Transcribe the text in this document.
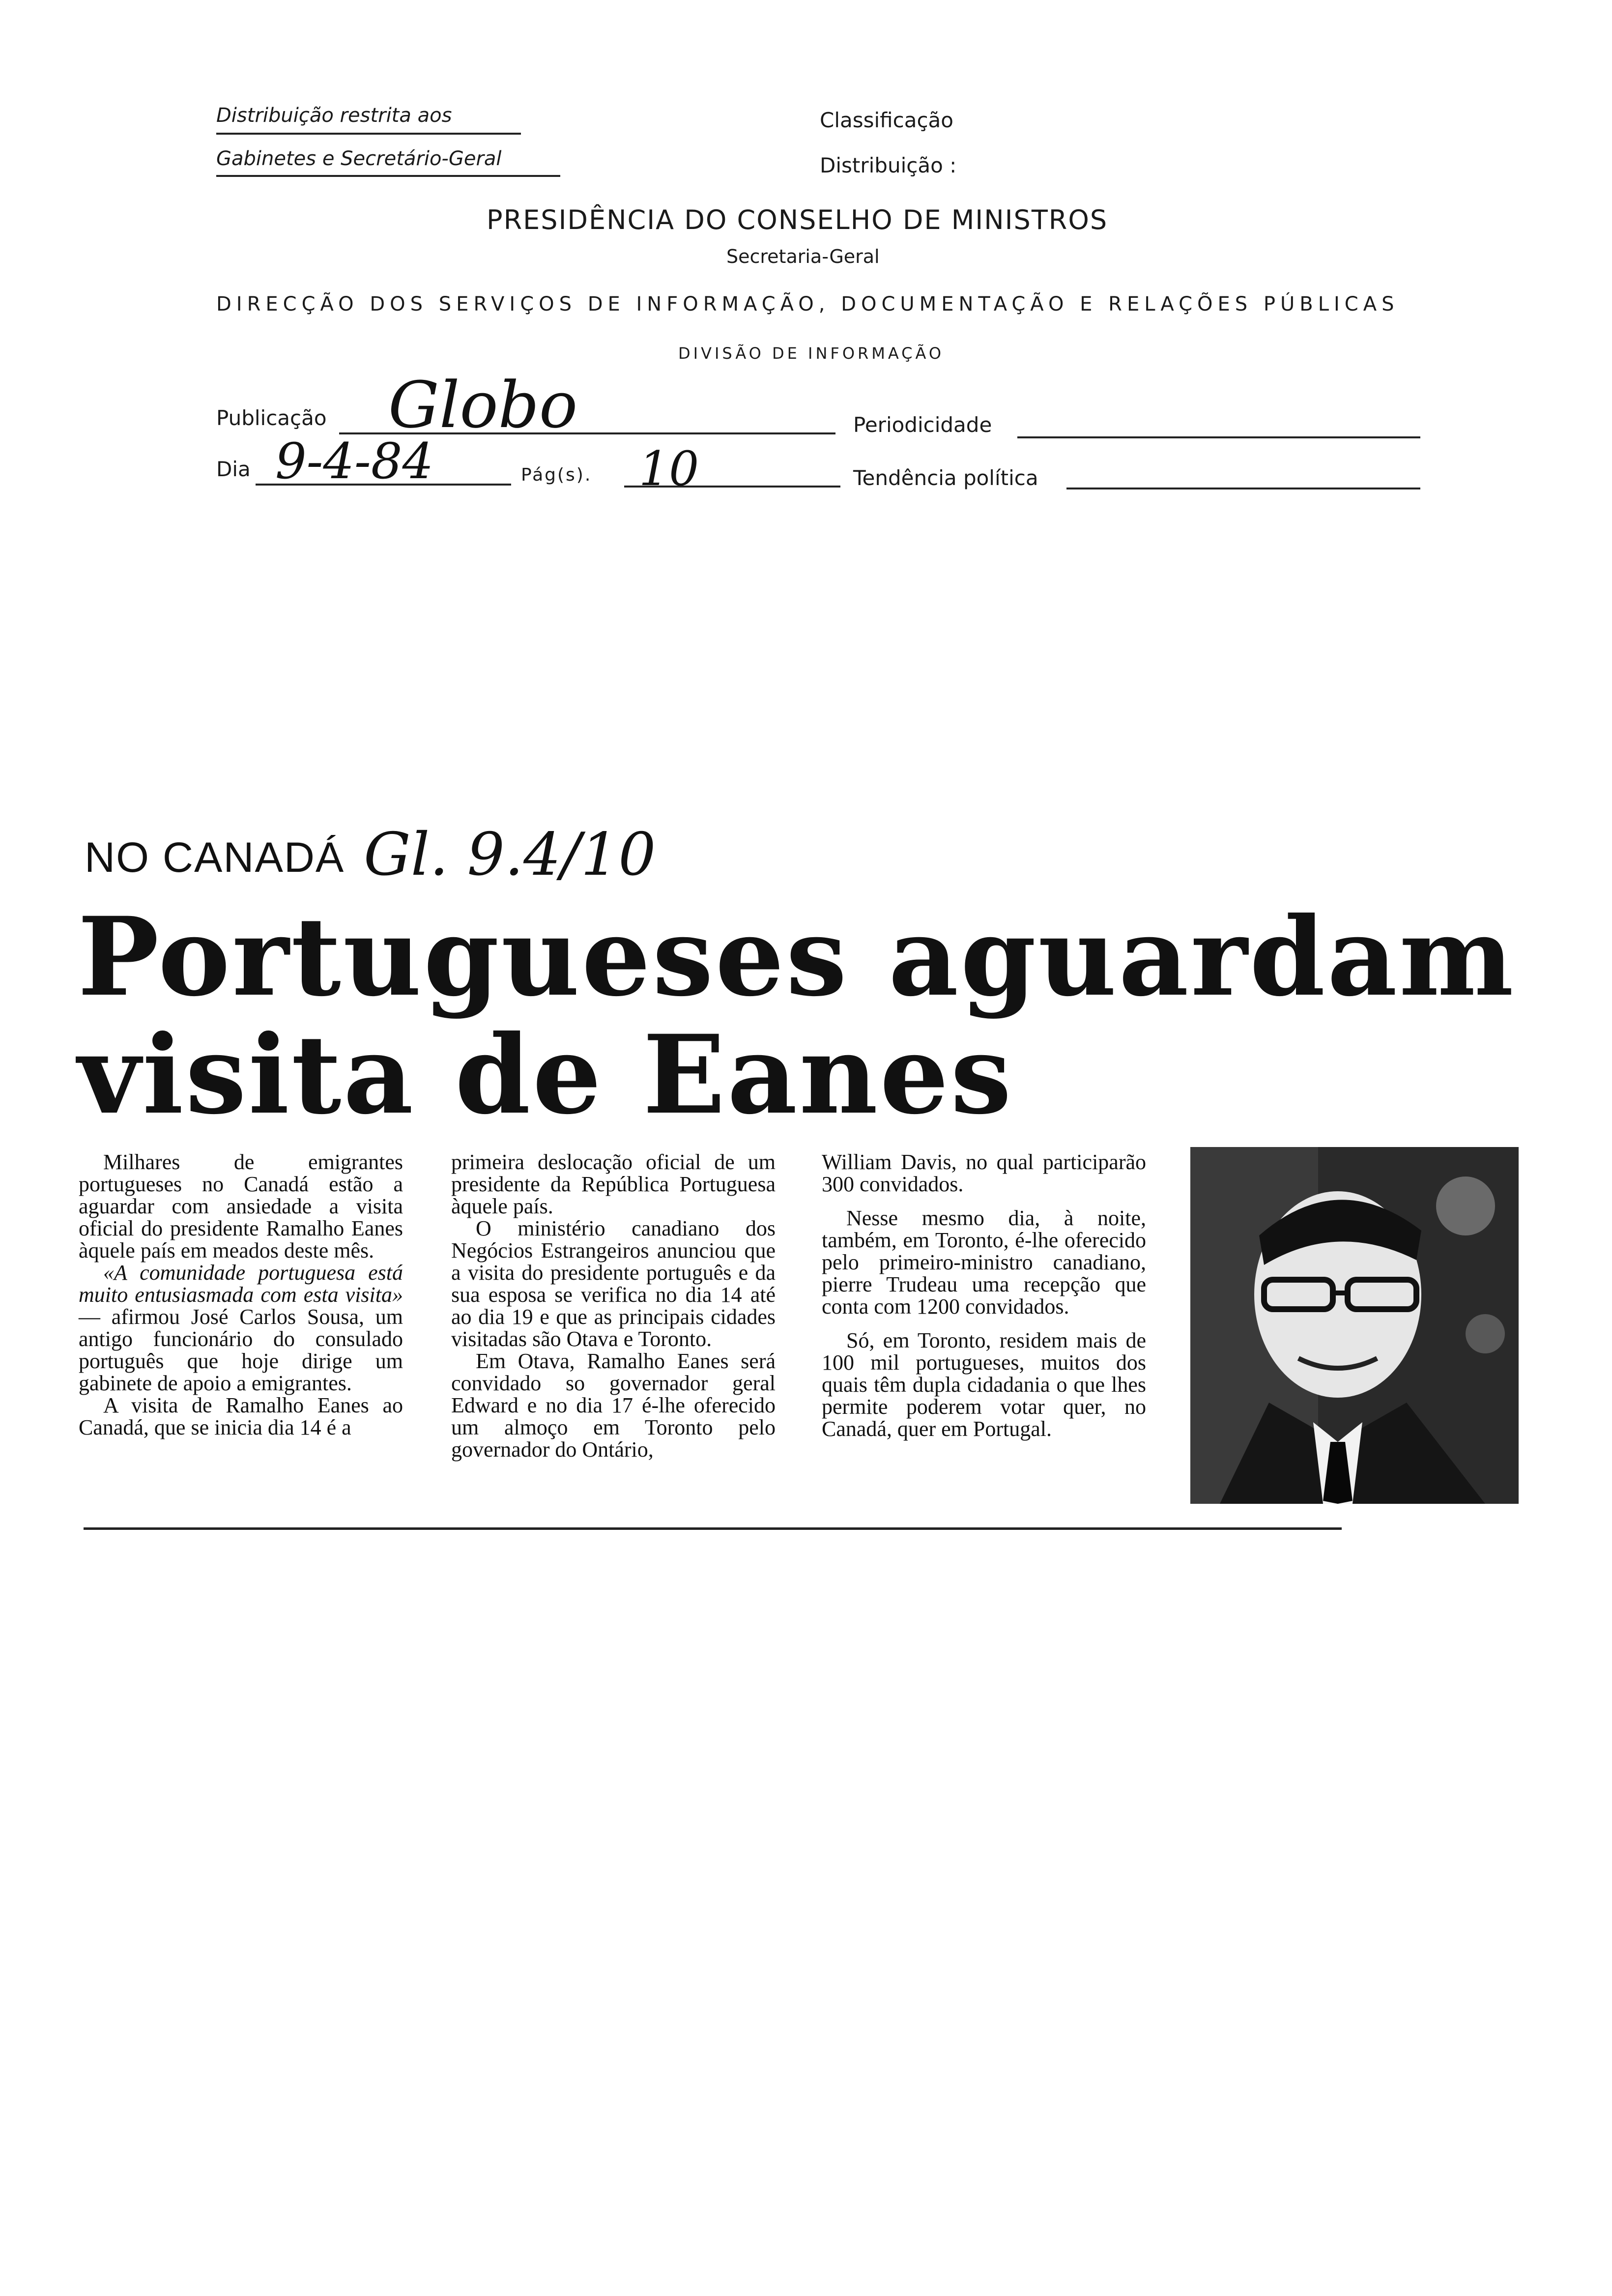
Distribuição restrita aos
Gabinetes e Secretário-Geral
Classificação
Distribuição :
PRESIDÊNCIA DO CONSELHO DE MINISTROS
Secretaria-Geral
DIRECÇÃO DOS SERVIÇOS DE INFORMAÇÃO, DOCUMENTAÇÃO E RELAÇÕES PÚBLICAS
DIVISÃO DE INFORMAÇÃO
Publicação Globo	Periodicidade
Dia 9-4-84	Pág(s). 10	Tendência política
NO CANADÁ Gl. 9.4/10
Portugueses aguardam
visita de Eanes

Milhares de emigrantes portugueses no Canadá estão a aguardar com ansiedade a visita oficial do presidente Ramalho Eanes àquele país em meados deste mês.

«A comunidade portuguesa está muito entusiasmada com esta visita» — afirmou José Carlos Sousa, um antigo funcionário do consulado português que hoje dirige um gabinete de apoio a emigrantes.

A visita de Ramalho Eanes ao Canadá, que se inicia dia 14 é a

primeira deslocação oficial de um presidente da República Portuguesa àquele país.

O ministério canadiano dos Negócios Estrangeiros anunciou que a visita do presidente português e da sua esposa se verifica no dia 14 até ao dia 19 e que as principais cidades visitadas são Otava e Toronto.

Em Otava, Ramalho Eanes será convidado so governador geral Edward e no dia 17 é-lhe oferecido um almoço em Toronto pelo governador do Ontário,

William Davis, no qual participarão 300 convidados.

Nesse mesmo dia, à noite, também, em Toronto, é-lhe oferecido pelo primeiro-ministro canadiano, pierre Trudeau uma recepção que conta com 1200 convidados.

Só, em Toronto, residem mais de 100 mil portugueses, muitos dos quais têm dupla cidadania o que lhes permite poderem votar quer, no Canadá, quer em Portugal.
